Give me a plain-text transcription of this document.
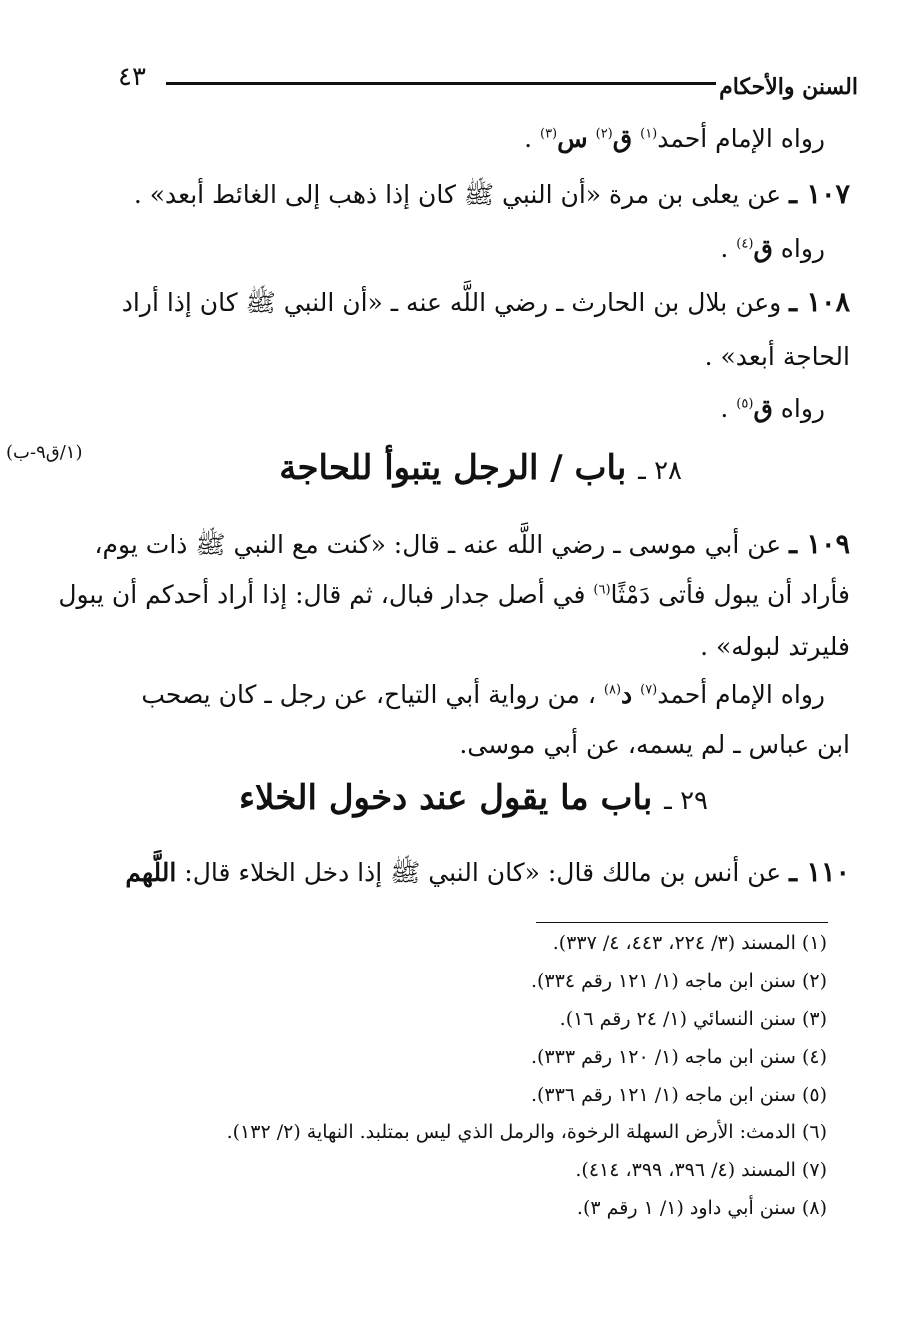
السنن والأحكام
٤٣
رواه الإمام أحمد$^{(١)}$ ق$^{(٢)}$ س$^{(٣)}$ .
١٠٧ ـ عن يعلى بن مرة «أن النبي ﷺ كان إذا ذهب إلى الغائط أبعد» .
رواه ق$^{(٤)}$ .
١٠٨ ـ وعن بلال بن الحارث ـ رضي اللَّه عنه ـ «أن النبي ﷺ كان إذا أراد
الحاجة أبعد» .
رواه ق$^{(٥)}$ .
(١/ق٩-ب)
٢٨ ـ باب / الرجل يتبوأ للحاجة
١٠٩ ـ عن أبي موسى ـ رضي اللَّه عنه ـ قال: «كنت مع النبي ﷺ ذات يوم،
فأراد أن يبول فأتى دَمْثًا$^{(٦)}$ في أصل جدار فبال، ثم قال: إذا أراد أحدكم أن يبول
فليرتد لبوله» .
رواه الإمام أحمد$^{(٧)}$ د$^{(٨)}$ ، من رواية أبي التياح، عن رجل ـ كان يصحب
ابن عباس ـ لم يسمه، عن أبي موسى.
٢٩ ـ باب ما يقول عند دخول الخلاء
١١٠ ـ عن أنس بن مالك قال: «كان النبي ﷺ إذا دخل الخلاء قال: اللَّهم
(١) المسند (٣/ ٢٢٤، ٤٤٣، ٤/ ٣٣٧).
(٢) سنن ابن ماجه (١/ ١٢١ رقم ٣٣٤).
(٣) سنن النسائي (١/ ٢٤ رقم ١٦).
(٤) سنن ابن ماجه (١/ ١٢٠ رقم ٣٣٣).
(٥) سنن ابن ماجه (١/ ١٢١ رقم ٣٣٦).
(٦) الدمث: الأرض السهلة الرخوة، والرمل الذي ليس بمتلبد. النهاية (٢/ ١٣٢).
(٧) المسند (٤/ ٣٩٦، ٣٩٩، ٤١٤).
(٨) سنن أبي داود (١/ ١ رقم ٣).
